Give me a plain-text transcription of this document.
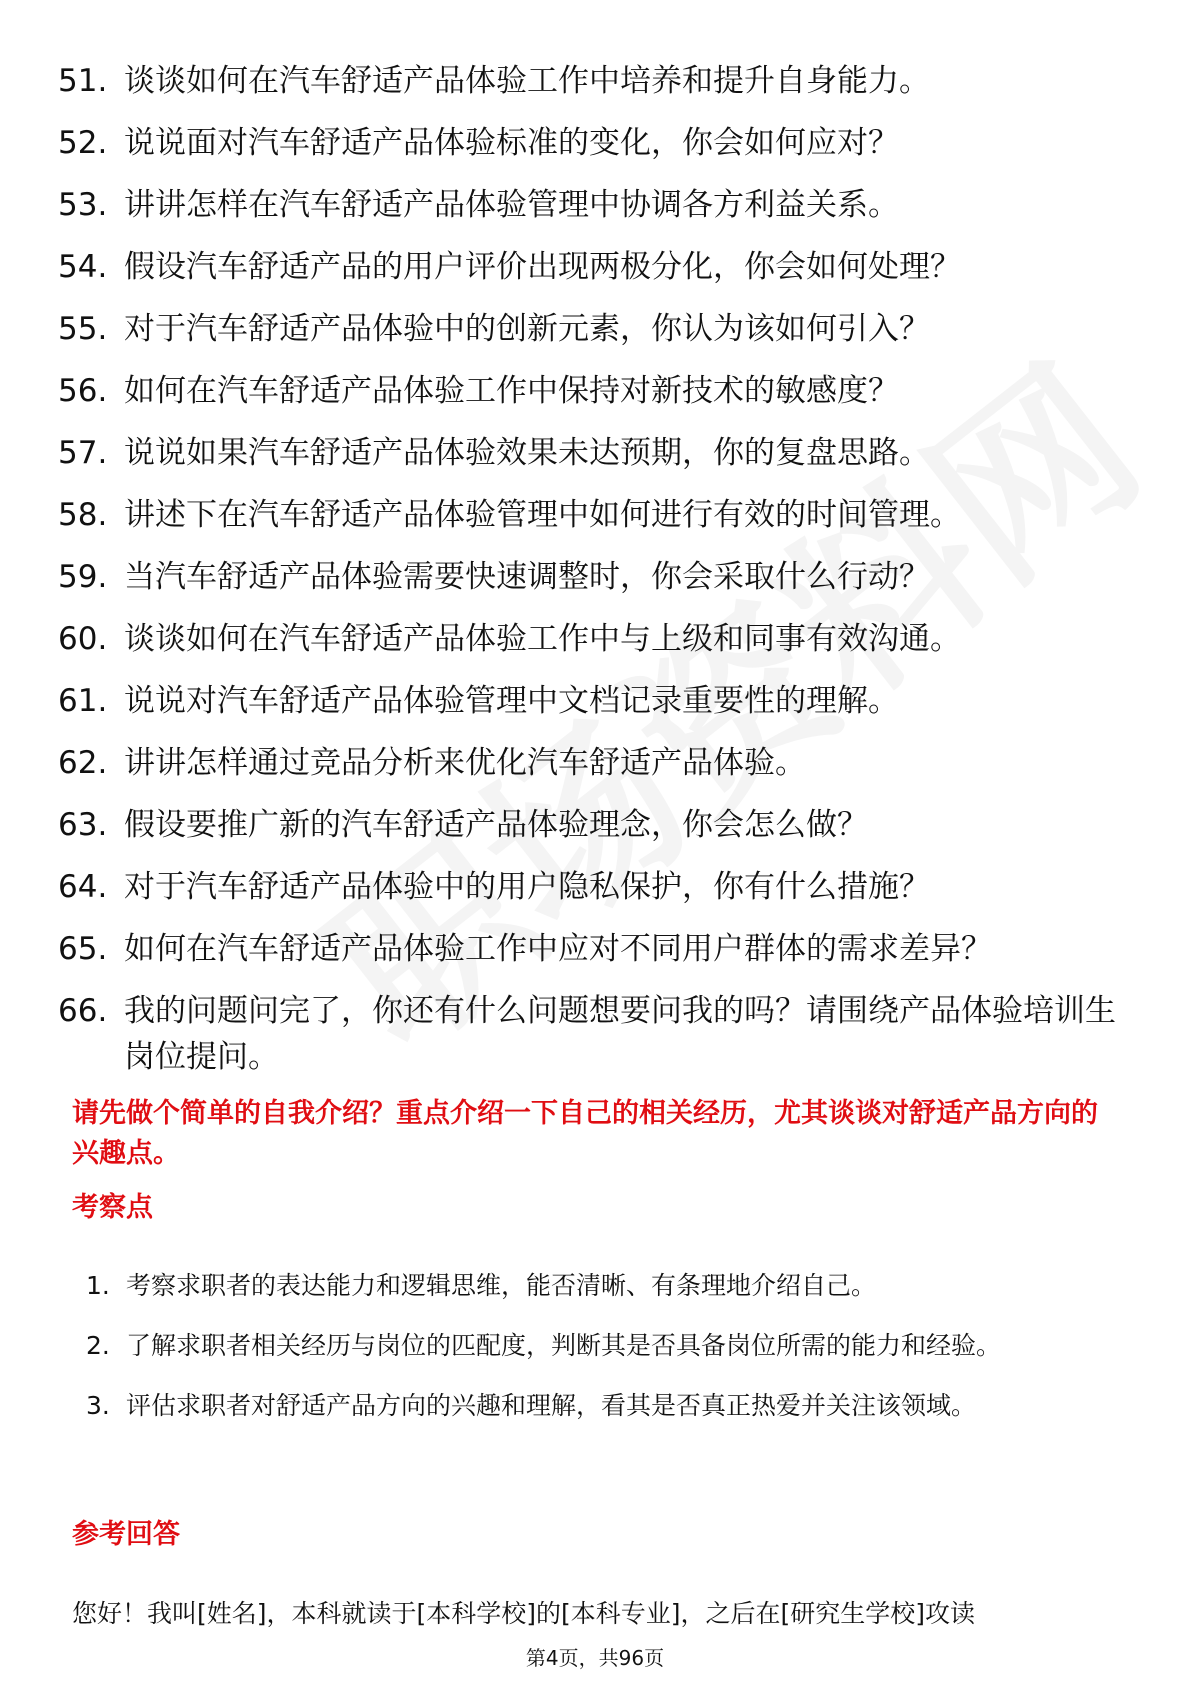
51. 谈谈如何在汽车舒适产品体验工作中培养和提升自身能力。
52. 说说面对汽车舒适产品体验标准的变化，你会如何应对？
53. 讲讲怎样在汽车舒适产品体验管理中协调各方利益关系。
54. 假设汽车舒适产品的用户评价出现两极分化，你会如何处理？
55. 对于汽车舒适产品体验中的创新元素，你认为该如何引入？
56. 如何在汽车舒适产品体验工作中保持对新技术的敏感度？
57. 说说如果汽车舒适产品体验效果未达预期，你的复盘思路。
58. 讲述下在汽车舒适产品体验管理中如何进行有效的时间管理。
59. 当汽车舒适产品体验需要快速调整时，你会采取什么行动？
60. 谈谈如何在汽车舒适产品体验工作中与上级和同事有效沟通。
61. 说说对汽车舒适产品体验管理中文档记录重要性的理解。
62. 讲讲怎样通过竞品分析来优化汽车舒适产品体验。
63. 假设要推广新的汽车舒适产品体验理念，你会怎么做？
64. 对于汽车舒适产品体验中的用户隐私保护，你有什么措施？
65. 如何在汽车舒适产品体验工作中应对不同用户群体的需求差异？
66. 我的问题问完了，你还有什么问题想要问我的吗？请围绕产品体验培训生岗位提问。
请先做个简单的自我介绍？重点介绍一下自己的相关经历，尤其谈谈对舒适产品方向的兴趣点。
考察点
1. 考察求职者的表达能力和逻辑思维，能否清晰、有条理地介绍自己。
2. 了解求职者相关经历与岗位的匹配度，判断其是否具备岗位所需的能力和经验。
3. 评估求职者对舒适产品方向的兴趣和理解，看其是否真正热爱并关注该领域。
参考回答
您好！我叫[姓名]，本科就读于[本科学校]的[本科专业]，之后在[研究生学校]攻读
第4页，共96页
